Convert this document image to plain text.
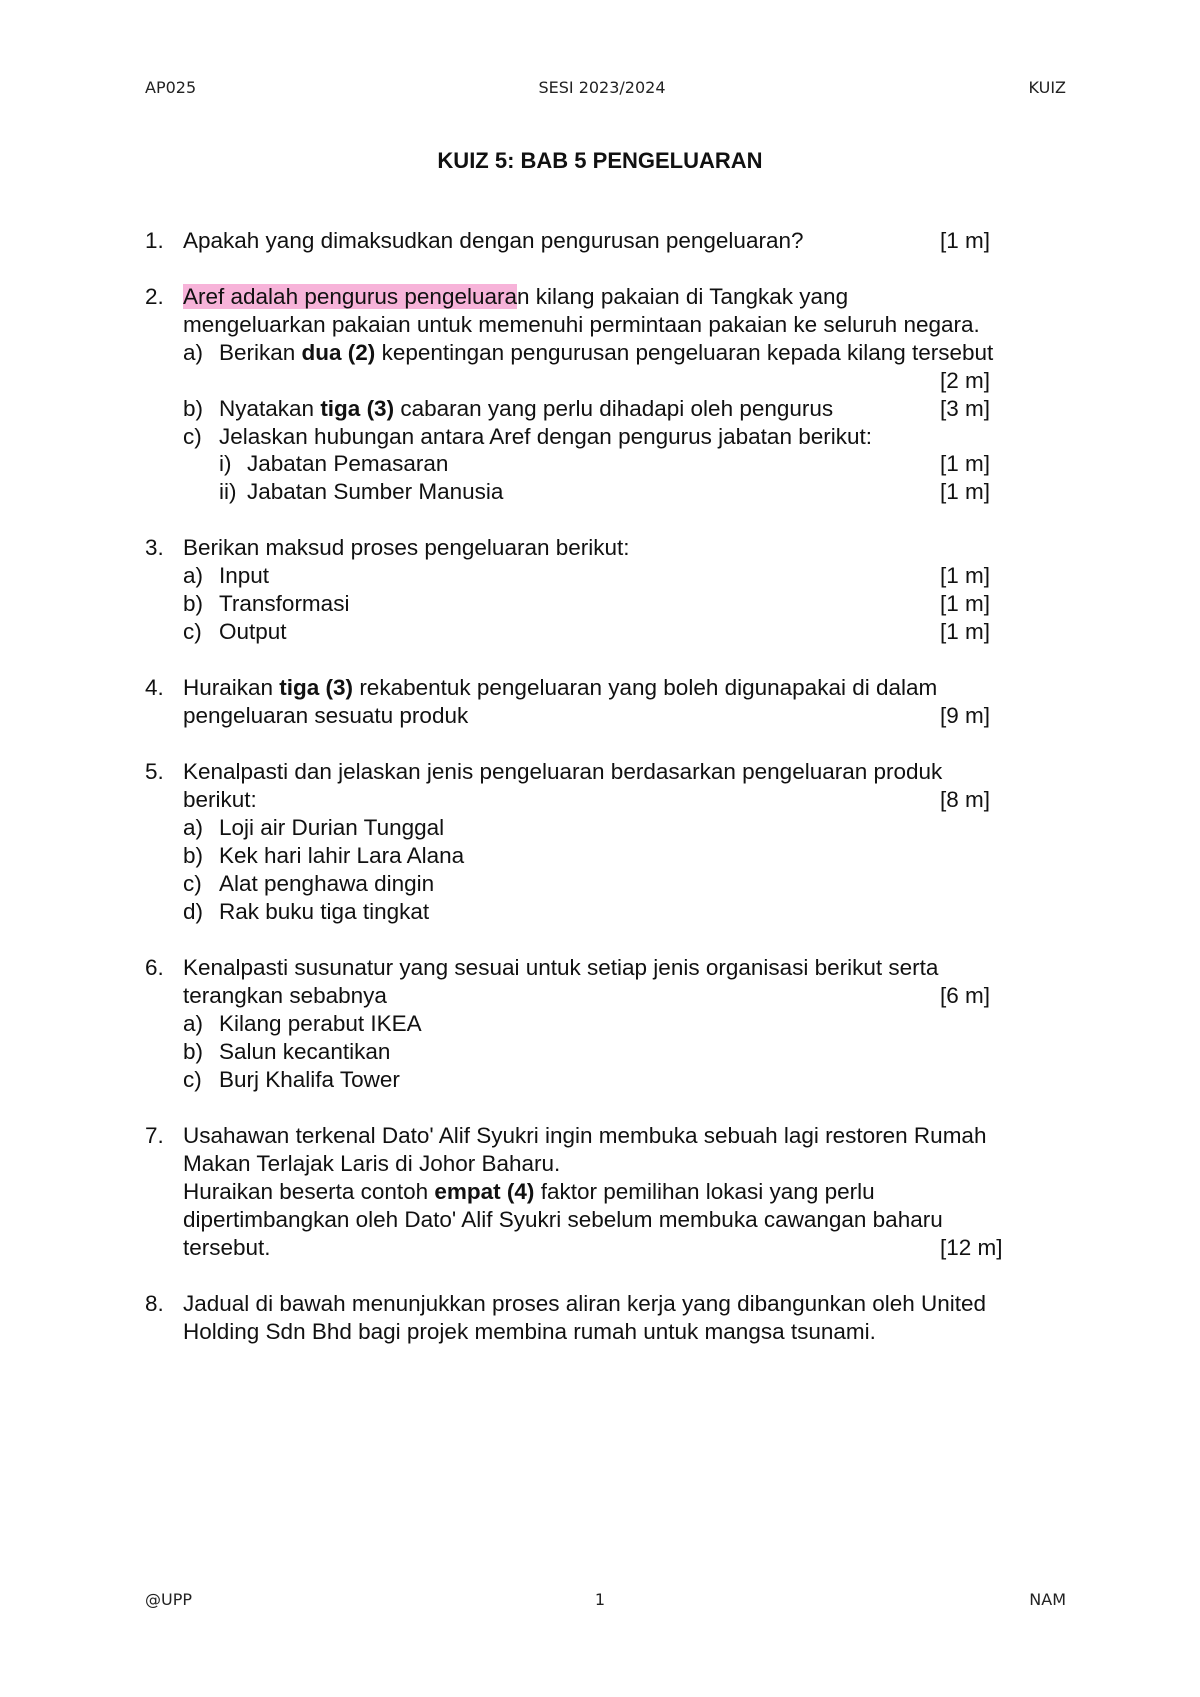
AP025	SESI 2023/2024	KUIZ
KUIZ 5: BAB 5 PENGELUARAN
1. Apakah yang dimaksudkan dengan pengurusan pengeluaran?	[1 m]
2. Aref adalah pengurus pengeluaran kilang pakaian di Tangkak yang
mengeluarkan pakaian untuk memenuhi permintaan pakaian ke seluruh negara.
a) Berikan dua (2) kepentingan pengurusan pengeluaran kepada kilang tersebut
[2 m]
b) Nyatakan tiga (3) cabaran yang perlu dihadapi oleh pengurus	[3 m]
c) Jelaskan hubungan antara Aref dengan pengurus jabatan berikut:
i) Jabatan Pemasaran	[1 m]
ii) Jabatan Sumber Manusia	[1 m]
3. Berikan maksud proses pengeluaran berikut:
a) Input	[1 m]
b) Transformasi	[1 m]
c) Output	[1 m]
4. Huraikan tiga (3) rekabentuk pengeluaran yang boleh digunapakai di dalam
pengeluaran sesuatu produk	[9 m]
5. Kenalpasti dan jelaskan jenis pengeluaran berdasarkan pengeluaran produk
berikut:	[8 m]
a) Loji air Durian Tunggal
b) Kek hari lahir Lara Alana
c) Alat penghawa dingin
d) Rak buku tiga tingkat
6. Kenalpasti susunatur yang sesuai untuk setiap jenis organisasi berikut serta
terangkan sebabnya	[6 m]
a) Kilang perabut IKEA
b) Salun kecantikan
c) Burj Khalifa Tower
7. Usahawan terkenal Dato' Alif Syukri ingin membuka sebuah lagi restoren Rumah
Makan Terlajak Laris di Johor Baharu.
Huraikan beserta contoh empat (4) faktor pemilihan lokasi yang perlu
dipertimbangkan oleh Dato' Alif Syukri sebelum membuka cawangan baharu
tersebut.	[12 m]
8. Jadual di bawah menunjukkan proses aliran kerja yang dibangunkan oleh United
Holding Sdn Bhd bagi projek membina rumah untuk mangsa tsunami.
@UPP	1	NAM
